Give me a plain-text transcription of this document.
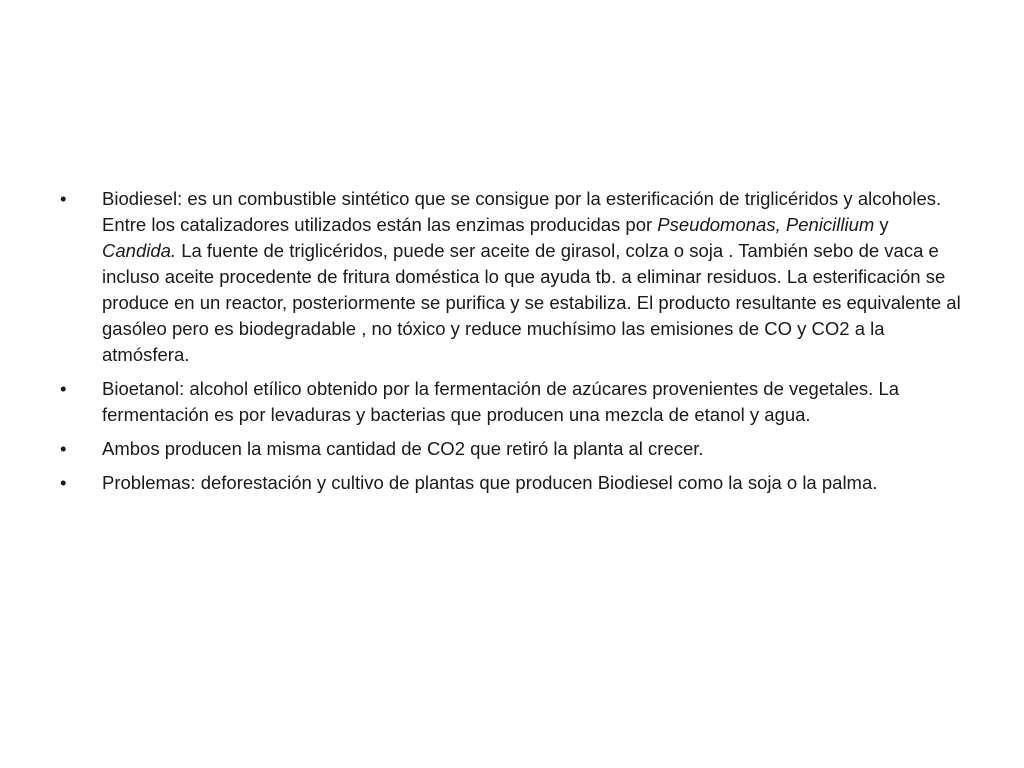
•	Biodiesel: es un combustible sintético que se consigue por la esterificación de triglicéridos y alcoholes. Entre los catalizadores utilizados están las enzimas producidas por Pseudomonas, Penicillium y Candida. La fuente de triglicéridos, puede ser aceite de girasol, colza o soja . También sebo de vaca e incluso aceite procedente de fritura doméstica lo que ayuda tb. a eliminar residuos. La esterificación se produce en un reactor, posteriormente se purifica y se estabiliza. El producto resultante es equivalente al gasóleo pero es biodegradable , no tóxico y reduce muchísimo las emisiones de CO y CO2 a la atmósfera.
•	Bioetanol: alcohol etílico obtenido por la fermentación de azúcares provenientes de vegetales. La fermentación es por levaduras y bacterias que producen una mezcla de etanol y agua.
•	Ambos producen la misma cantidad de CO2 que retiró la planta al crecer.
•	Problemas: deforestación y cultivo de plantas que producen Biodiesel como la soja o la palma.
